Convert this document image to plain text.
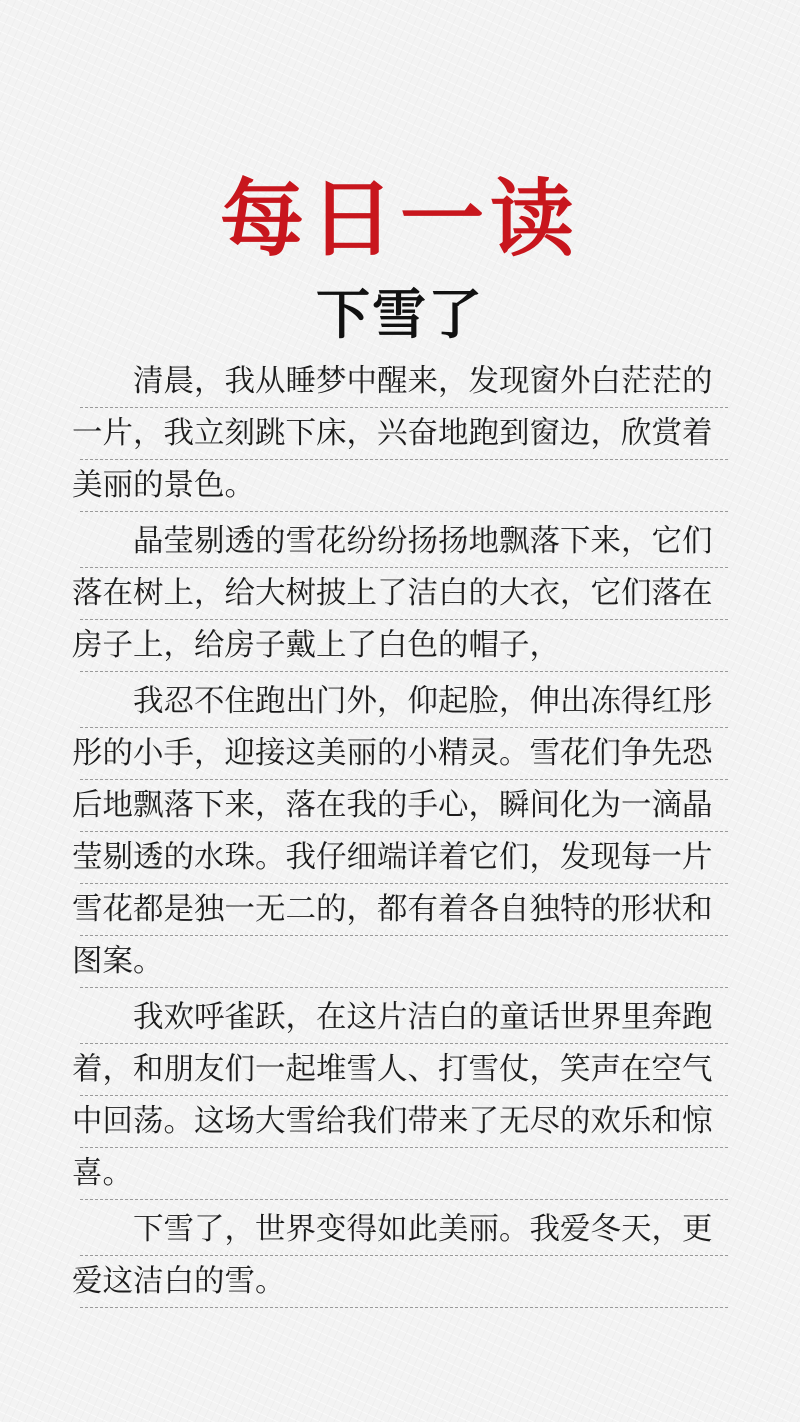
每日一读
下雪了
清晨，我从睡梦中醒来，发现窗外白茫茫的
一片，我立刻跳下床，兴奋地跑到窗边，欣赏着
美丽的景色。
晶莹剔透的雪花纷纷扬扬地飘落下来，它们
落在树上，给大树披上了洁白的大衣，它们落在
房子上，给房子戴上了白色的帽子，
我忍不住跑出门外，仰起脸，伸出冻得红彤
彤的小手，迎接这美丽的小精灵。雪花们争先恐
后地飘落下来，落在我的手心，瞬间化为一滴晶
莹剔透的水珠。我仔细端详着它们，发现每一片
雪花都是独一无二的，都有着各自独特的形状和
图案。
我欢呼雀跃，在这片洁白的童话世界里奔跑
着，和朋友们一起堆雪人、打雪仗，笑声在空气
中回荡。这场大雪给我们带来了无尽的欢乐和惊
喜。
下雪了，世界变得如此美丽。我爱冬天，更
爱这洁白的雪。
